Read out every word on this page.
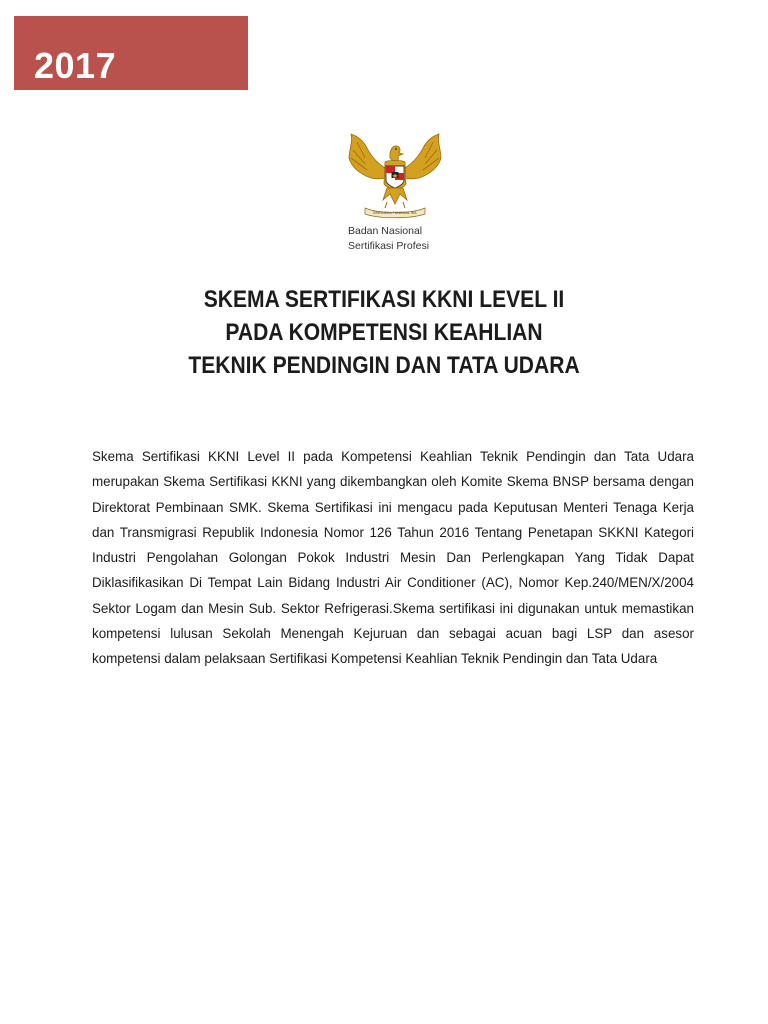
2017
BHINNEKA TUNGGAL IKA
Badan Nasional
Sertifikasi Profesi
SKEMA SERTIFIKASI KKNI LEVEL II
PADA KOMPETENSI KEAHLIAN
TEKNIK PENDINGIN DAN TATA UDARA
Skema Sertifikasi KKNI Level II pada Kompetensi Keahlian Teknik Pendingin dan Tata Udara merupakan Skema Sertifikasi KKNI yang dikembangkan oleh Komite Skema BNSP bersama dengan Direktorat Pembinaan SMK. Skema Sertifikasi ini mengacu pada Keputusan Menteri Tenaga Kerja dan Transmigrasi Republik Indonesia Nomor 126 Tahun 2016 Tentang Penetapan SKKNI Kategori Industri Pengolahan Golongan Pokok Industri Mesin Dan Perlengkapan Yang Tidak Dapat Diklasifikasikan Di Tempat Lain Bidang Industri Air Conditioner (AC), Nomor Kep.240/MEN/X/2004 Sektor Logam dan Mesin Sub. Sektor Refrigerasi.Skema sertifikasi ini digunakan untuk memastikan kompetensi lulusan Sekolah Menengah Kejuruan dan sebagai acuan bagi LSP dan asesor kompetensi dalam pelaksaan Sertifikasi Kompetensi Keahlian Teknik Pendingin dan Tata Udara
